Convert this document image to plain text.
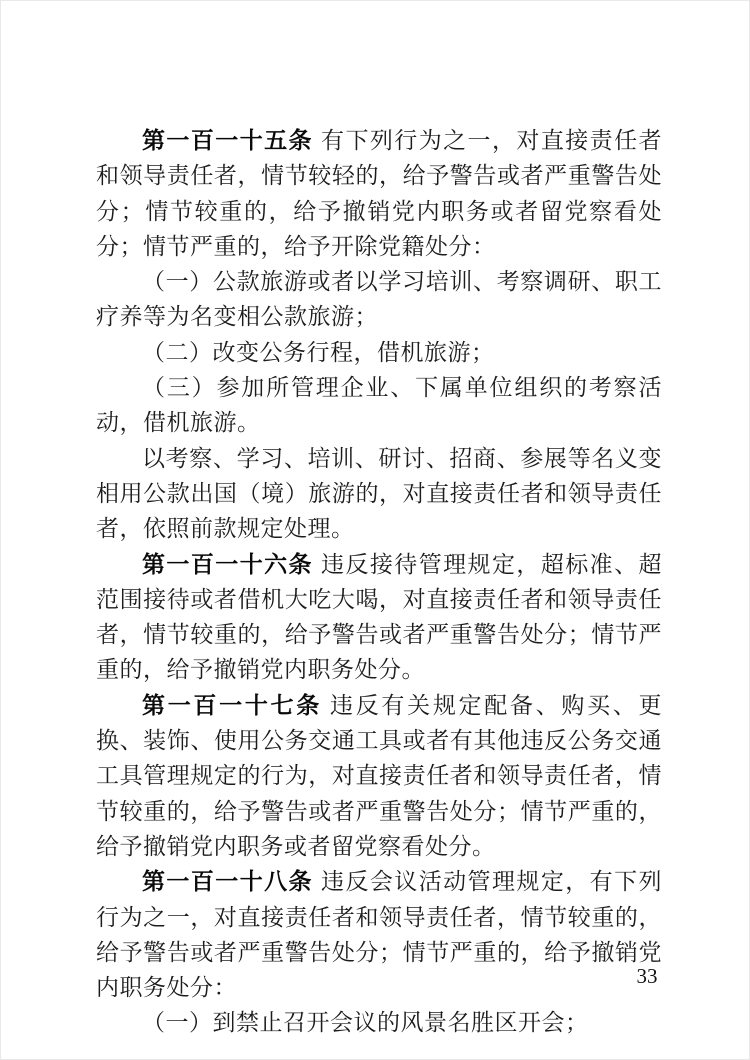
第一百一十五条 有下列行为之一，对直接责任者和领导责任者，情节较轻的，给予警告或者严重警告处分；情节较重的，给予撤销党内职务或者留党察看处分；情节严重的，给予开除党籍处分：

（一）公款旅游或者以学习培训、考察调研、职工疗养等为名变相公款旅游；

（二）改变公务行程，借机旅游；

（三）参加所管理企业、下属单位组织的考察活动，借机旅游。

以考察、学习、培训、研讨、招商、参展等名义变相用公款出国（境）旅游的，对直接责任者和领导责任者，依照前款规定处理。

第一百一十六条 违反接待管理规定，超标准、超范围接待或者借机大吃大喝，对直接责任者和领导责任者，情节较重的，给予警告或者严重警告处分；情节严重的，给予撤销党内职务处分。

第一百一十七条 违反有关规定配备、购买、更换、装饰、使用公务交通工具或者有其他违反公务交通工具管理规定的行为，对直接责任者和领导责任者，情节较重的，给予警告或者严重警告处分；情节严重的，给予撤销党内职务或者留党察看处分。

第一百一十八条 违反会议活动管理规定，有下列行为之一，对直接责任者和领导责任者，情节较重的，给予警告或者严重警告处分；情节严重的，给予撤销党内职务处分：

（一）到禁止召开会议的风景名胜区开会；

33
